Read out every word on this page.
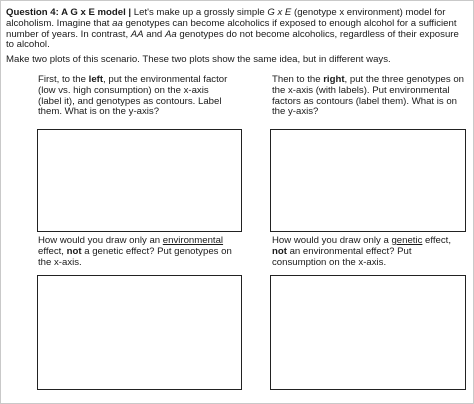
Question 4: A G x E model | Let's make up a grossly simple G x E (genotype x environment) model for alcoholism. Imagine that aa genotypes can become alcoholics if exposed to enough alcohol for a sufficient number of years. In contrast, AA and Aa genotypes do not become alcoholics, regardless of their exposure to alcohol.

Make two plots of this scenario. These two plots show the same idea, but in different ways.

First, to the left, put the environmental factor (low vs. high consumption) on the x-axis (label it), and genotypes as contours. Label them. What is on the y-axis?

Then to the right, put the three genotypes on the x-axis (with labels). Put environmental factors as contours (label them). What is on the y-axis?

How would you draw only an environmental effect, not a genetic effect? Put genotypes on the x-axis.

How would you draw only a genetic effect, not an environmental effect? Put consumption on the x-axis.
